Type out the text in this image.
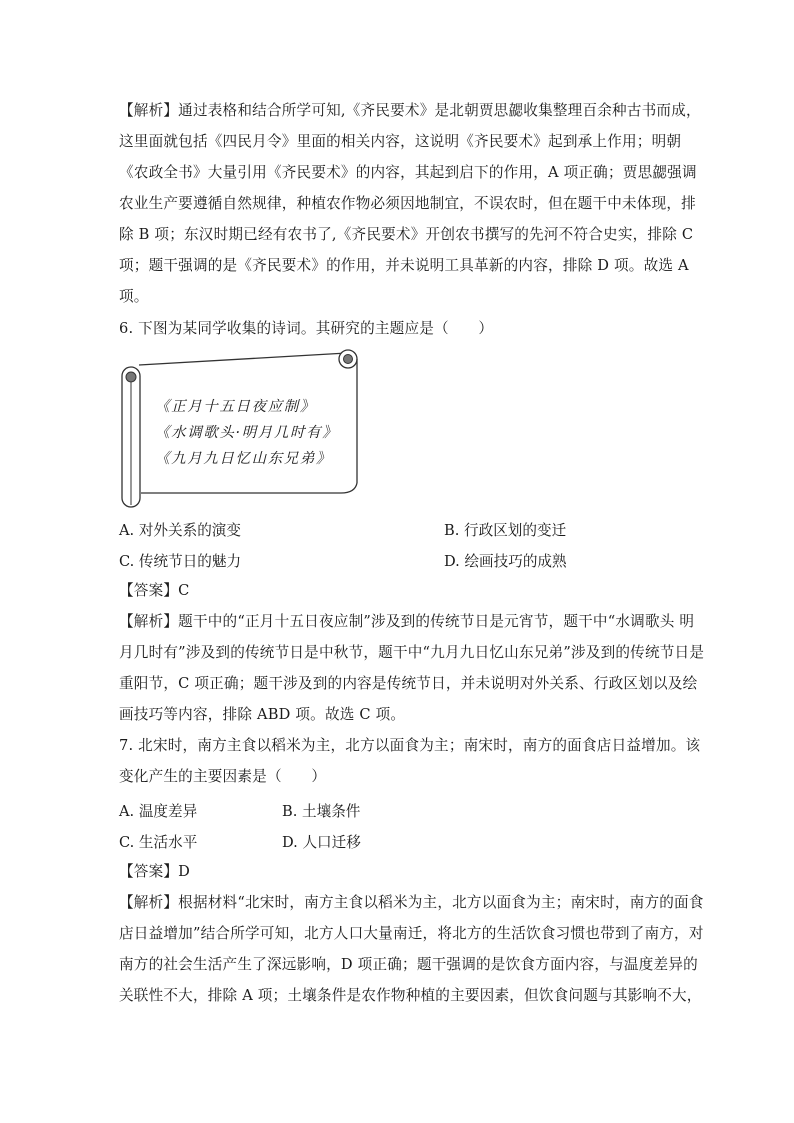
【解析】通过表格和结合所学可知,《齐民要术》是北朝贾思勰收集整理百余种古书而成，
这里面就包括《四民月令》里面的相关内容，这说明《齐民要术》起到承上作用；明朝
《农政全书》大量引用《齐民要术》的内容，其起到启下的作用，A 项正确；贾思勰强调
农业生产要遵循自然规律，种植农作物必须因地制宜，不误农时，但在题干中未体现，排
除 B 项；东汉时期已经有农书了,《齐民要术》开创农书撰写的先河不符合史实，排除 C
项；题干强调的是《齐民要术》的作用，并未说明工具革新的内容，排除 D 项。故选 A
项。
6. 下图为某同学收集的诗词。其研究的主题应是（　　）
《正月十五日夜应制》
《水调歌头·明月几时有》
《九月九日忆山东兄弟》
A. 对外关系的演变	B. 行政区划的变迁
C. 传统节日的魅力	D. 绘画技巧的成熟
【答案】C
【解析】题干中的“正月十五日夜应制”涉及到的传统节日是元宵节，题干中“水调歌头 明
月几时有”涉及到的传统节日是中秋节，题干中“九月九日忆山东兄弟”涉及到的传统节日是
重阳节，C 项正确；题干涉及到的内容是传统节日，并未说明对外关系、行政区划以及绘
画技巧等内容，排除 ABD 项。故选 C 项。
7. 北宋时，南方主食以稻米为主，北方以面食为主；南宋时，南方的面食店日益增加。该
变化产生的主要因素是（　　）
A. 温度差异	B. 土壤条件
C. 生活水平	D. 人口迁移
【答案】D
【解析】根据材料“北宋时，南方主食以稻米为主，北方以面食为主；南宋时，南方的面食
店日益增加”结合所学可知，北方人口大量南迁，将北方的生活饮食习惯也带到了南方，对
南方的社会生活产生了深远影响，D 项正确；题干强调的是饮食方面内容，与温度差异的
关联性不大，排除 A 项；土壤条件是农作物种植的主要因素，但饮食问题与其影响不大，
